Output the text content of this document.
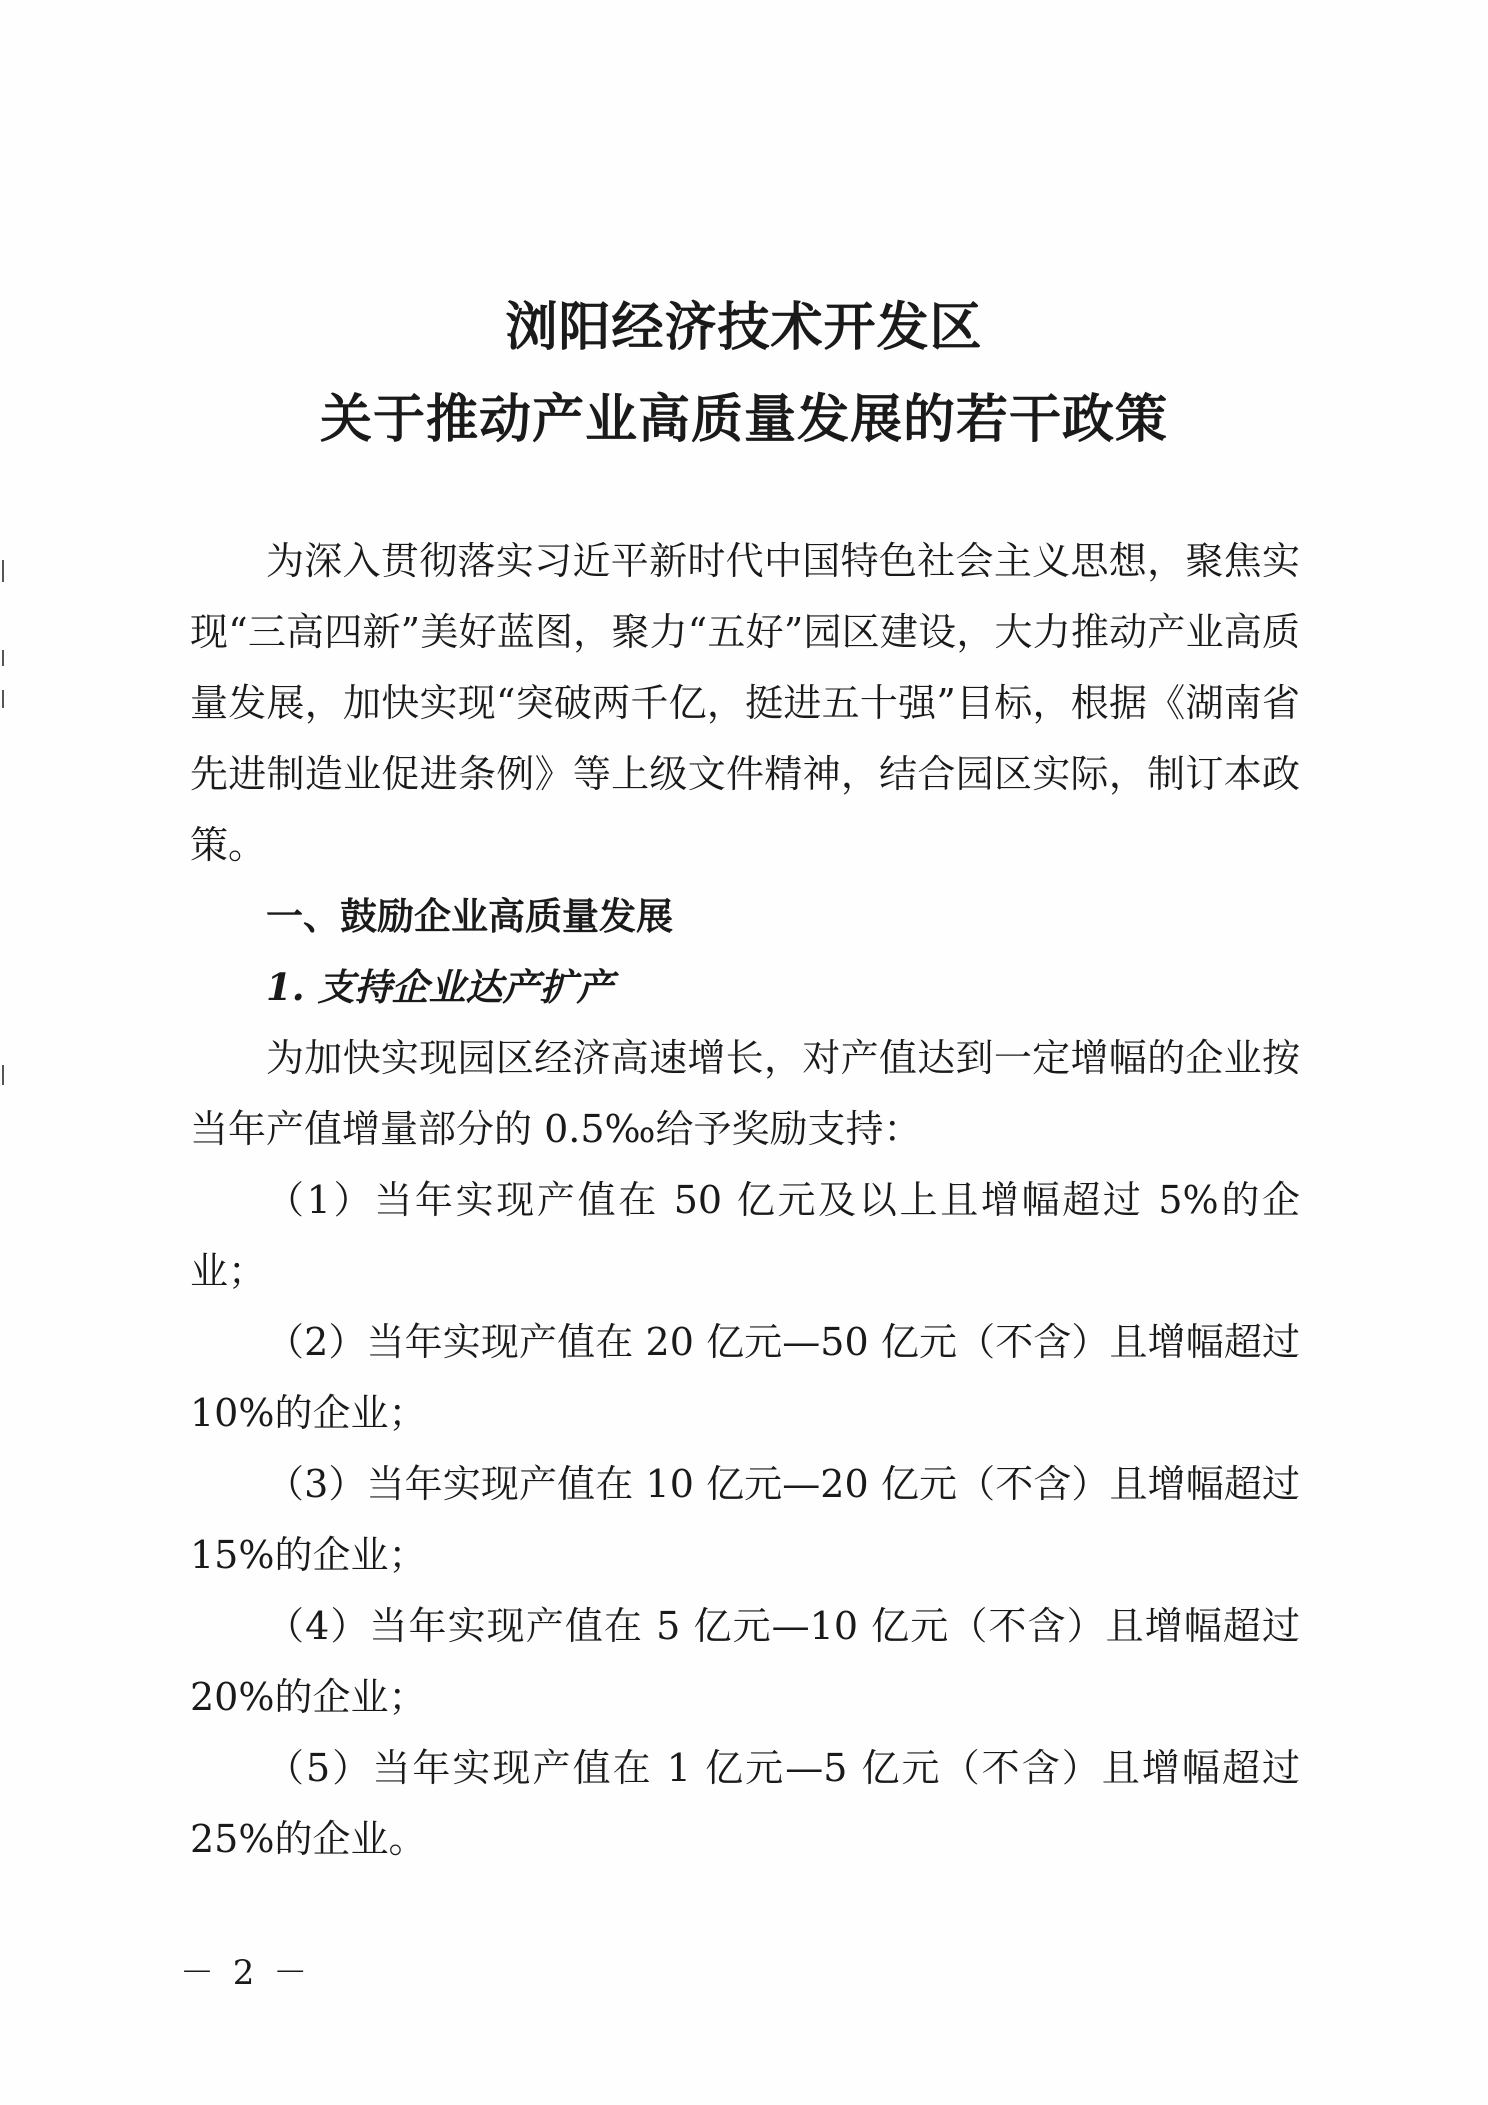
浏阳经济技术开发区
关于推动产业高质量发展的若干政策

为深入贯彻落实习近平新时代中国特色社会主义思想，聚焦实现“三高四新”美好蓝图，聚力“五好”园区建设，大力推动产业高质量发展，加快实现“突破两千亿，挺进五十强”目标，根据《湖南省先进制造业促进条例》等上级文件精神，结合园区实际，制订本政策。

一、鼓励企业高质量发展

1. 支持企业达产扩产

为加快实现园区经济高速增长，对产值达到一定增幅的企业按当年产值增量部分的 0.5‰给予奖励支持：

（1）当年实现产值在 50 亿元及以上且增幅超过 5%的企业；

（2）当年实现产值在 20 亿元—50 亿元（不含）且增幅超过 10%的企业；

（3）当年实现产值在 10 亿元—20 亿元（不含）且增幅超过 15%的企业；

（4）当年实现产值在 5 亿元—10 亿元（不含）且增幅超过 20%的企业；

（5）当年实现产值在 1 亿元—5 亿元（不含）且增幅超过 25%的企业。

－ 2 －
